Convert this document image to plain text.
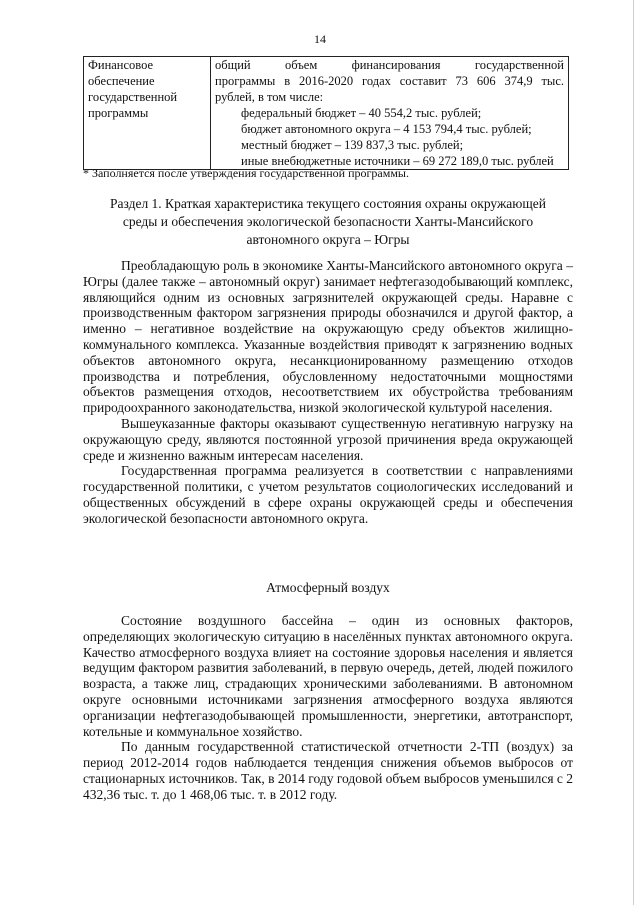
14
Финансовое
обеспечение
государственной
программы

общий объем финансирования государственной
программы в 2016-2020 годах составит 73 606 374,9 тыс.
рублей, в том числе:
федеральный бюджет – 40 554,2 тыс. рублей;
бюджет автономного округа – 4 153 794,4 тыс. рублей;
местный бюджет – 139 837,3 тыс. рублей;
иные внебюджетные источники – 69 272 189,0 тыс. рублей
* Заполняется после утверждения государственной программы.
Раздел 1. Краткая характеристика текущего состояния охраны окружающей
среды и обеспечения экологической безопасности Ханты-Мансийского
автономного округа – Югры

Преобладающую роль в экономике Ханты-Мансийского автономного округа – Югры (далее также – автономный округ) занимает нефтегазодобывающий комплекс, являющийся одним из основных загрязнителей окружающей среды. Наравне с производственным фактором загрязнения природы обозначился и другой фактор, а именно – негативное воздействие на окружающую среду объектов жилищно-коммунального комплекса. Указанные воздействия приводят к загрязнению водных объектов автономного округа, несанкционированному размещению отходов производства и потребления, обусловленному недостаточными мощностями объектов размещения отходов, несоответствием их обустройства требованиям природоохранного законодательства, низкой экологической культурой населения.

Вышеуказанные факторы оказывают существенную негативную нагрузку на окружающую среду, являются постоянной угрозой причинения вреда окружающей среде и жизненно важным интересам населения.

Государственная программа реализуется в соответствии с направлениями государственной политики, с учетом результатов социологических исследований и общественных обсуждений в сфере охраны окружающей среды и обеспечения экологической безопасности автономного округа.

Атмосферный воздух

Состояние воздушного бассейна – один из основных факторов, определяющих экологическую ситуацию в населённых пунктах автономного округа. Качество атмосферного воздуха влияет на состояние здоровья населения и является ведущим фактором развития заболеваний, в первую очередь, детей, людей пожилого возраста, а также лиц, страдающих хроническими заболеваниями. В автономном округе основными источниками загрязнения атмосферного воздуха являются организации нефтегазодобывающей промышленности, энергетики, автотранспорт, котельные и коммунальное хозяйство.

По данным государственной статистической отчетности 2-ТП (воздух) за период 2012-2014 годов наблюдается тенденция снижения объемов выбросов от стационарных источников. Так, в 2014 году годовой объем выбросов уменьшился с 2 432,36 тыс. т. до 1 468,06 тыс. т. в 2012 году.
